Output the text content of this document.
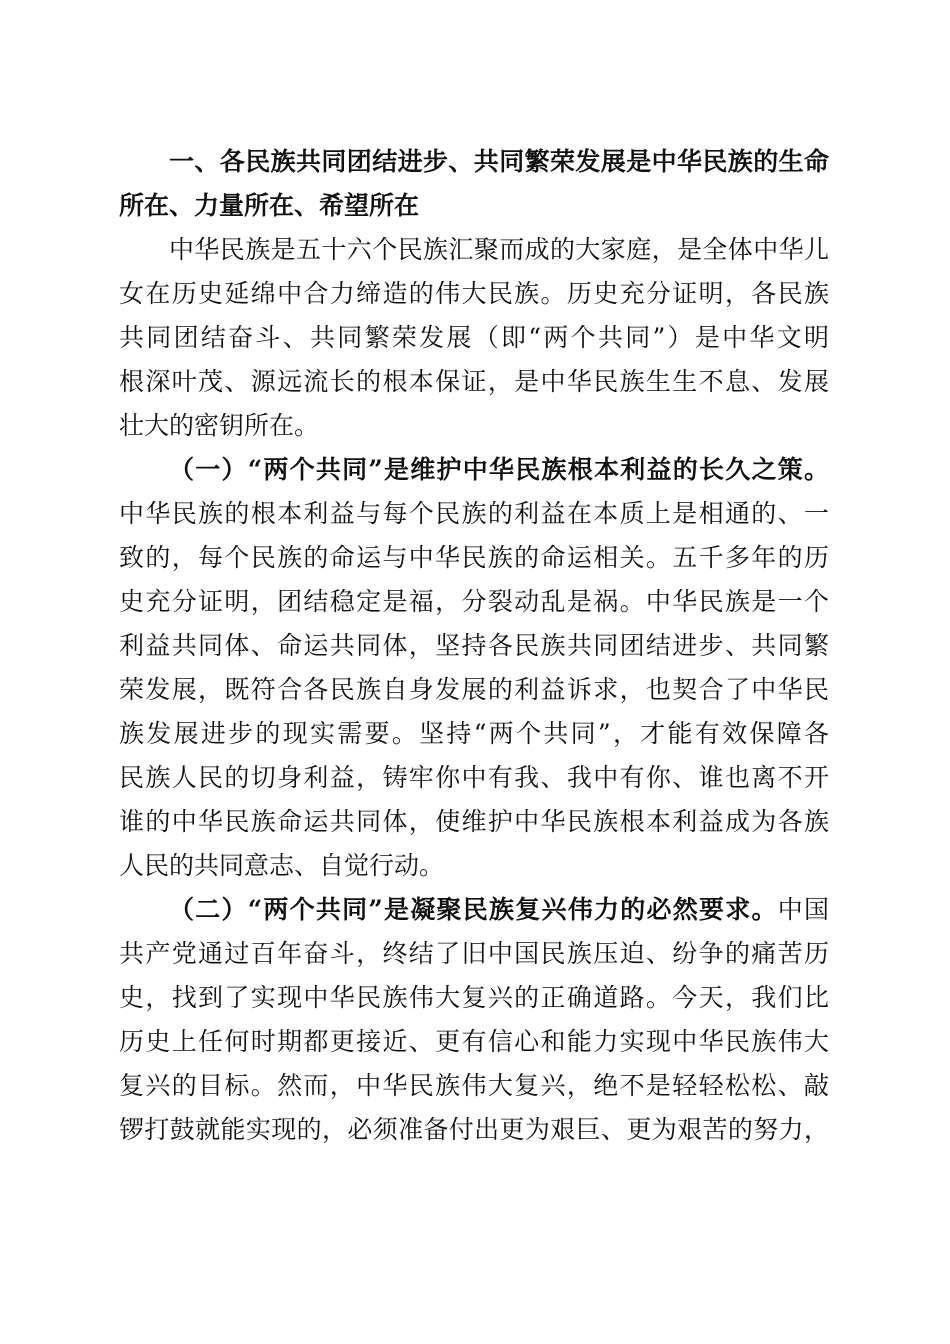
一、各民族共同团结进步、共同繁荣发展是中华民族的生命
所在、力量所在、希望所在
中华民族是五十六个民族汇聚而成的大家庭，是全体中华儿
女在历史延绵中合力缔造的伟大民族。历史充分证明，各民族
共同团结奋斗、共同繁荣发展（即“两个共同”）是中华文明
根深叶茂、源远流长的根本保证，是中华民族生生不息、发展
壮大的密钥所在。
（一）“两个共同”是维护中华民族根本利益的长久之策。
中华民族的根本利益与每个民族的利益在本质上是相通的、一
致的，每个民族的命运与中华民族的命运相关。五千多年的历
史充分证明，团结稳定是福，分裂动乱是祸。中华民族是一个
利益共同体、命运共同体，坚持各民族共同团结进步、共同繁
荣发展，既符合各民族自身发展的利益诉求，也契合了中华民
族发展进步的现实需要。坚持“两个共同”，才能有效保障各
民族人民的切身利益，铸牢你中有我、我中有你、谁也离不开
谁的中华民族命运共同体，使维护中华民族根本利益成为各族
人民的共同意志、自觉行动。
（二）“两个共同”是凝聚民族复兴伟力的必然要求。中国
共产党通过百年奋斗，终结了旧中国民族压迫、纷争的痛苦历
史，找到了实现中华民族伟大复兴的正确道路。今天，我们比
历史上任何时期都更接近、更有信心和能力实现中华民族伟大
复兴的目标。然而，中华民族伟大复兴，绝不是轻轻松松、敲
锣打鼓就能实现的，必须准备付出更为艰巨、更为艰苦的努力，
